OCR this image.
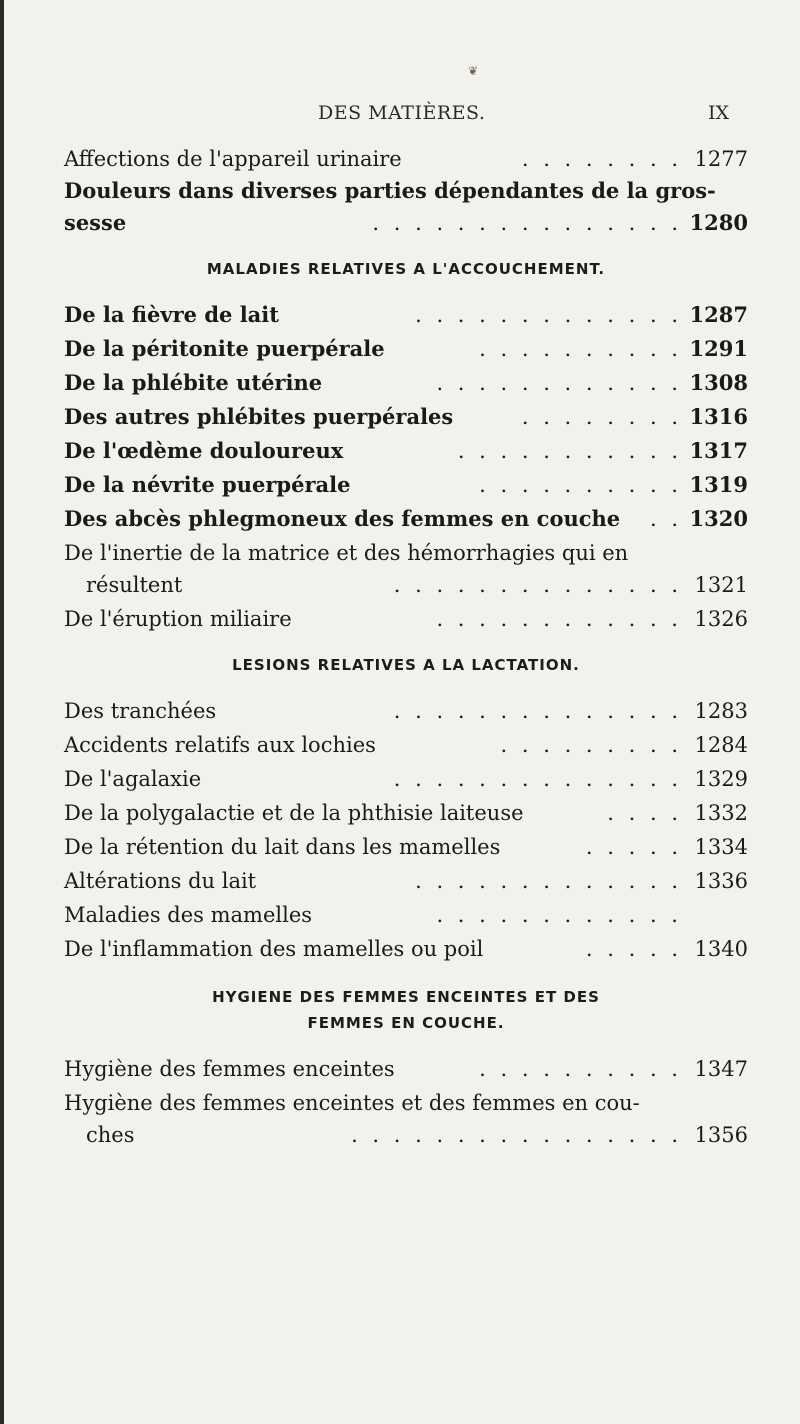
❦
DES MATIÈRES.	IX
Affections de l'appareil urinaire	. . . . . . . . 1277
Douleurs dans diverses parties dépendantes de la gros-
sesse	. . . . . . . . . . . . . . . 1280
MALADIES RELATIVES A L'ACCOUCHEMENT.
De la fièvre de lait	. . . . . . . . . . . . . 1287
De la péritonite puerpérale	. . . . . . . . . . 1291
De la phlébite utérine	. . . . . . . . . . . . 1308
Des autres phlébites puerpérales	. . . . . . . . 1316
De l'œdème douloureux	. . . . . . . . . . . 1317
De la névrite puerpérale	. . . . . . . . . . 1319
Des abcès phlegmoneux des femmes en couche . . 1320
De l'inertie de la matrice et des hémorrhagies qui en
résultent	. . . . . . . . . . . . . . 1321
De l'éruption miliaire	. . . . . . . . . . . . 1326
LESIONS RELATIVES A LA LACTATION.
Des tranchées	. . . . . . . . . . . . . . 1283
Accidents relatifs aux lochies	. . . . . . . . . 1284
De l'agalaxie	. . . . . . . . . . . . . . 1329
De la polygalactie et de la phthisie laiteuse	. . . . 1332
De la rétention du lait dans les mamelles	. . . . . 1334
Altérations du lait	. . . . . . . . . . . . . 1336
Maladies des mamelles	. . . . . . . . . . . .
De l'inflammation des mamelles ou poil	. . . . . 1340
HYGIENE DES FEMMES ENCEINTES ET DES
FEMMES EN COUCHE.
Hygiène des femmes enceintes	. . . . . . . . . . 1347
Hygiène des femmes enceintes et des femmes en cou-
ches	. . . . . . . . . . . . . . . . 1356
